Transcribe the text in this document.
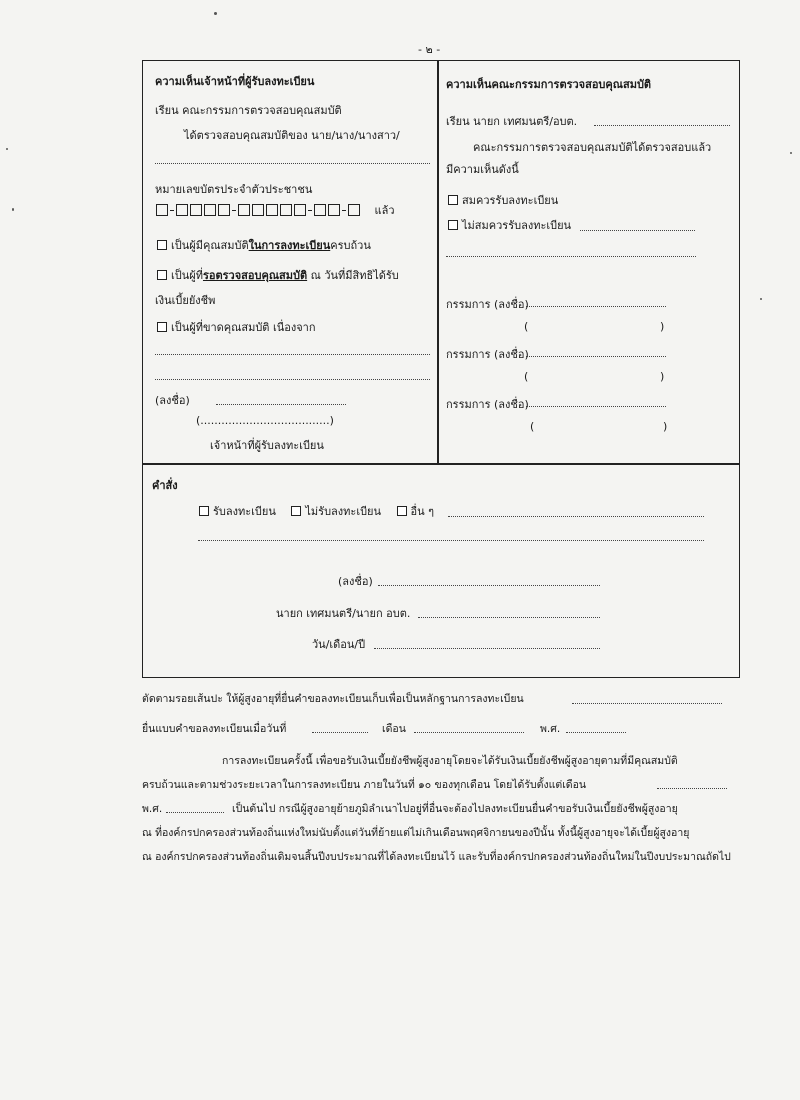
- ๒ -
ความเห็นเจ้าหน้าที่ผู้รับลงทะเบียน
เรียน คณะกรรมการตรวจสอบคุณสมบัติ
ได้ตรวจสอบคุณสมบัติของ นาย/นาง/นางสาว/
หมายเลขบัตรประจำตัวประชาชน
แล้ว
เป็นผู้มีคุณสมบัติในการลงทะเบียนครบถ้วน
เป็นผู้ที่รอตรวจสอบคุณสมบัติ ณ วันที่มีสิทธิได้รับ
เงินเบี้ยยังชีพ
เป็นผู้ที่ขาดคุณสมบัติ เนื่องจาก
(ลงชื่อ)
(.....................................)
เจ้าหน้าที่ผู้รับลงทะเบียน
ความเห็นคณะกรรมการตรวจสอบคุณสมบัติ
เรียน นายก เทศมนตรี/อบต.
คณะกรรมการตรวจสอบคุณสมบัติได้ตรวจสอบแล้ว
มีความเห็นดังนี้
สมควรรับลงทะเบียน
ไม่สมควรรับลงทะเบียน
กรรมการ (ลงชื่อ)
(	)
กรรมการ (ลงชื่อ)
(	)
กรรมการ (ลงชื่อ)
(	)
คำสั่ง
รับลงทะเบียน	ไม่รับลงทะเบียน	อื่น ๆ
(ลงชื่อ)
นายก เทศมนตรี/นายก อบต.
วัน/เดือน/ปี
ตัดตามรอยเส้นปะ ให้ผู้สูงอายุที่ยื่นคำขอลงทะเบียนเก็บเพื่อเป็นหลักฐานการลงทะเบียน
ยื่นแบบคำขอลงทะเบียนเมื่อวันที่	เดือน	พ.ศ.
การลงทะเบียนครั้งนี้ เพื่อขอรับเงินเบี้ยยังชีพผู้สูงอายุโดยจะได้รับเงินเบี้ยยังชีพผู้สูงอายุตามที่มีคุณสมบัติ
ครบถ้วนและตามช่วงระยะเวลาในการลงทะเบียน ภายในวันที่ ๑๐ ของทุกเดือน โดยได้รับตั้งแต่เดือน
พ.ศ.	เป็นต้นไป กรณีผู้สูงอายุย้ายภูมิลำเนาไปอยู่ที่อื่นจะต้องไปลงทะเบียนยื่นคำขอรับเงินเบี้ยยังชีพผู้สูงอายุ
ณ ที่องค์กรปกครองส่วนท้องถิ่นแห่งใหม่นับตั้งแต่วันที่ย้ายแต่ไม่เกินเดือนพฤศจิกายนของปีนั้น ทั้งนี้ผู้สูงอายุจะได้เบี้ยผู้สูงอายุ
ณ องค์กรปกครองส่วนท้องถิ่นเดิมจนสิ้นปีงบประมาณที่ได้ลงทะเบียนไว้ และรับที่องค์กรปกครองส่วนท้องถิ่นใหม่ในปีงบประมาณถัดไป
